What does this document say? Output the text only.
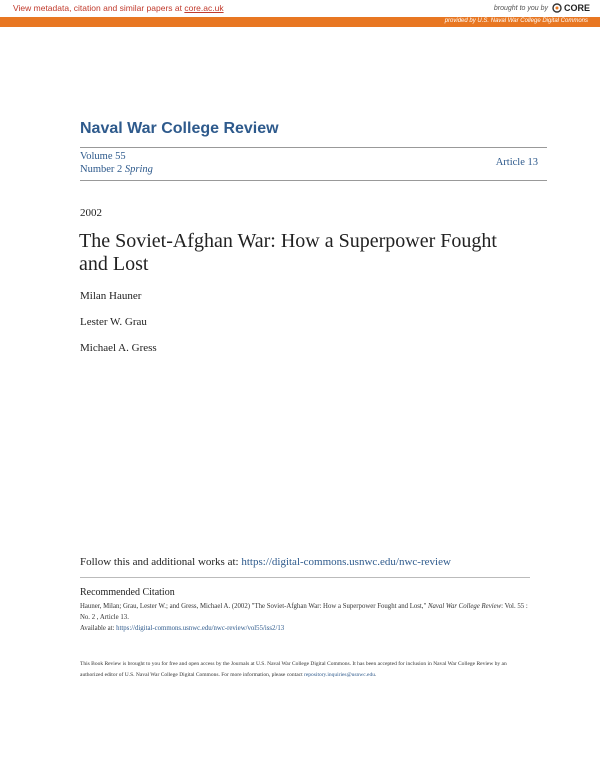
View metadata, citation and similar papers at core.ac.uk	brought to you by CORE
provided by U.S. Naval War College Digital Commons
Naval War College Review
Volume 55
Number 2 Spring
Article 13
2002
The Soviet-Afghan War: How a Superpower Fought and Lost
Milan Hauner
Lester W. Grau
Michael A. Gress
Follow this and additional works at: https://digital-commons.usnwc.edu/nwc-review
Recommended Citation
Hauner, Milan; Grau, Lester W.; and Gress, Michael A. (2002) "The Soviet-Afghan War: How a Superpower Fought and Lost," Naval War College Review: Vol. 55 : No. 2 , Article 13.
Available at: https://digital-commons.usnwc.edu/nwc-review/vol55/iss2/13
This Book Review is brought to you for free and open access by the Journals at U.S. Naval War College Digital Commons. It has been accepted for inclusion in Naval War College Review by an authorized editor of U.S. Naval War College Digital Commons. For more information, please contact repository.inquiries@usnwc.edu.
